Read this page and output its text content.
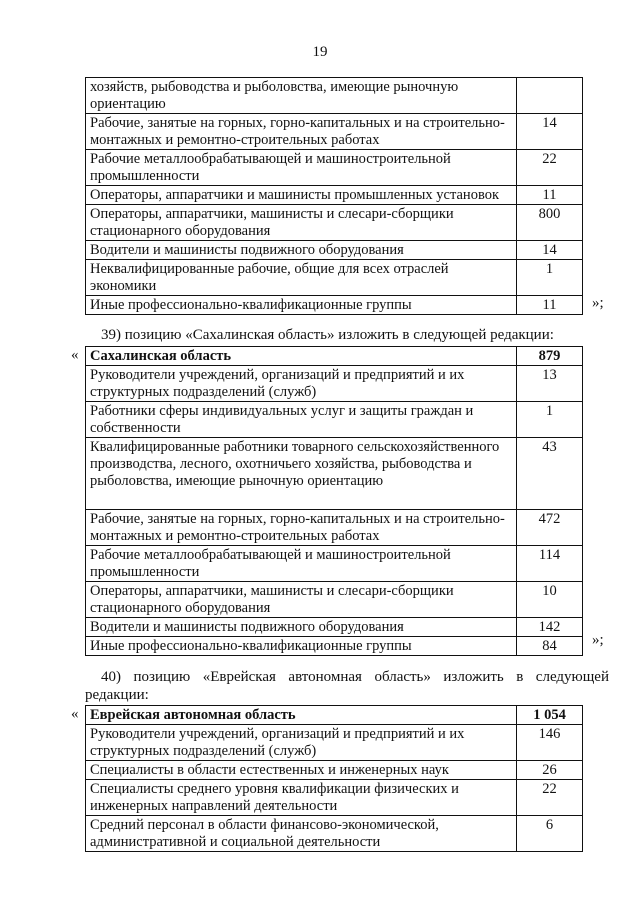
19
хозяйств, рыбоводства и рыболовства, имеющие рыночную ориентацию	
Рабочие, занятые на горных, горно-капитальных и на строительно-монтажных и ремонтно-строительных работах	14
Рабочие металлообрабатывающей и машиностроительной промышленности	22
Операторы, аппаратчики и машинисты промышленных установок	11
Операторы, аппаратчики, машинисты и слесари-сборщики стационарного оборудования	800
Водители и машинисты подвижного оборудования	14
Неквалифицированные рабочие, общие для всех отраслей экономики	1
Иные профессионально-квалификационные группы	11 »;
39) позицию «Сахалинская область» изложить в следующей редакции:
« Сахалинская область	879
Руководители учреждений, организаций и предприятий и их структурных подразделений (служб)	13
Работники сферы индивидуальных услуг и защиты граждан и собственности	1
Квалифицированные работники товарного сельскохозяйственного производства, лесного, охотничьего хозяйства, рыбоводства и рыболовства, имеющие рыночную ориентацию	43
Рабочие, занятые на горных, горно-капитальных и на строительно-монтажных и ремонтно-строительных работах	472
Рабочие металлообрабатывающей и машиностроительной промышленности	114
Операторы, аппаратчики, машинисты и слесари-сборщики стационарного оборудования	10
Водители и машинисты подвижного оборудования	142
Иные профессионально-квалификационные группы	84 »;
40) позицию «Еврейская автономная область» изложить в следующей
редакции:
« Еврейская автономная область	1 054
Руководители учреждений, организаций и предприятий и их структурных подразделений (служб)	146
Специалисты в области естественных и инженерных наук	26
Специалисты среднего уровня квалификации физических и инженерных направлений деятельности	22
Средний персонал в области финансово-экономической, административной и социальной деятельности	6
